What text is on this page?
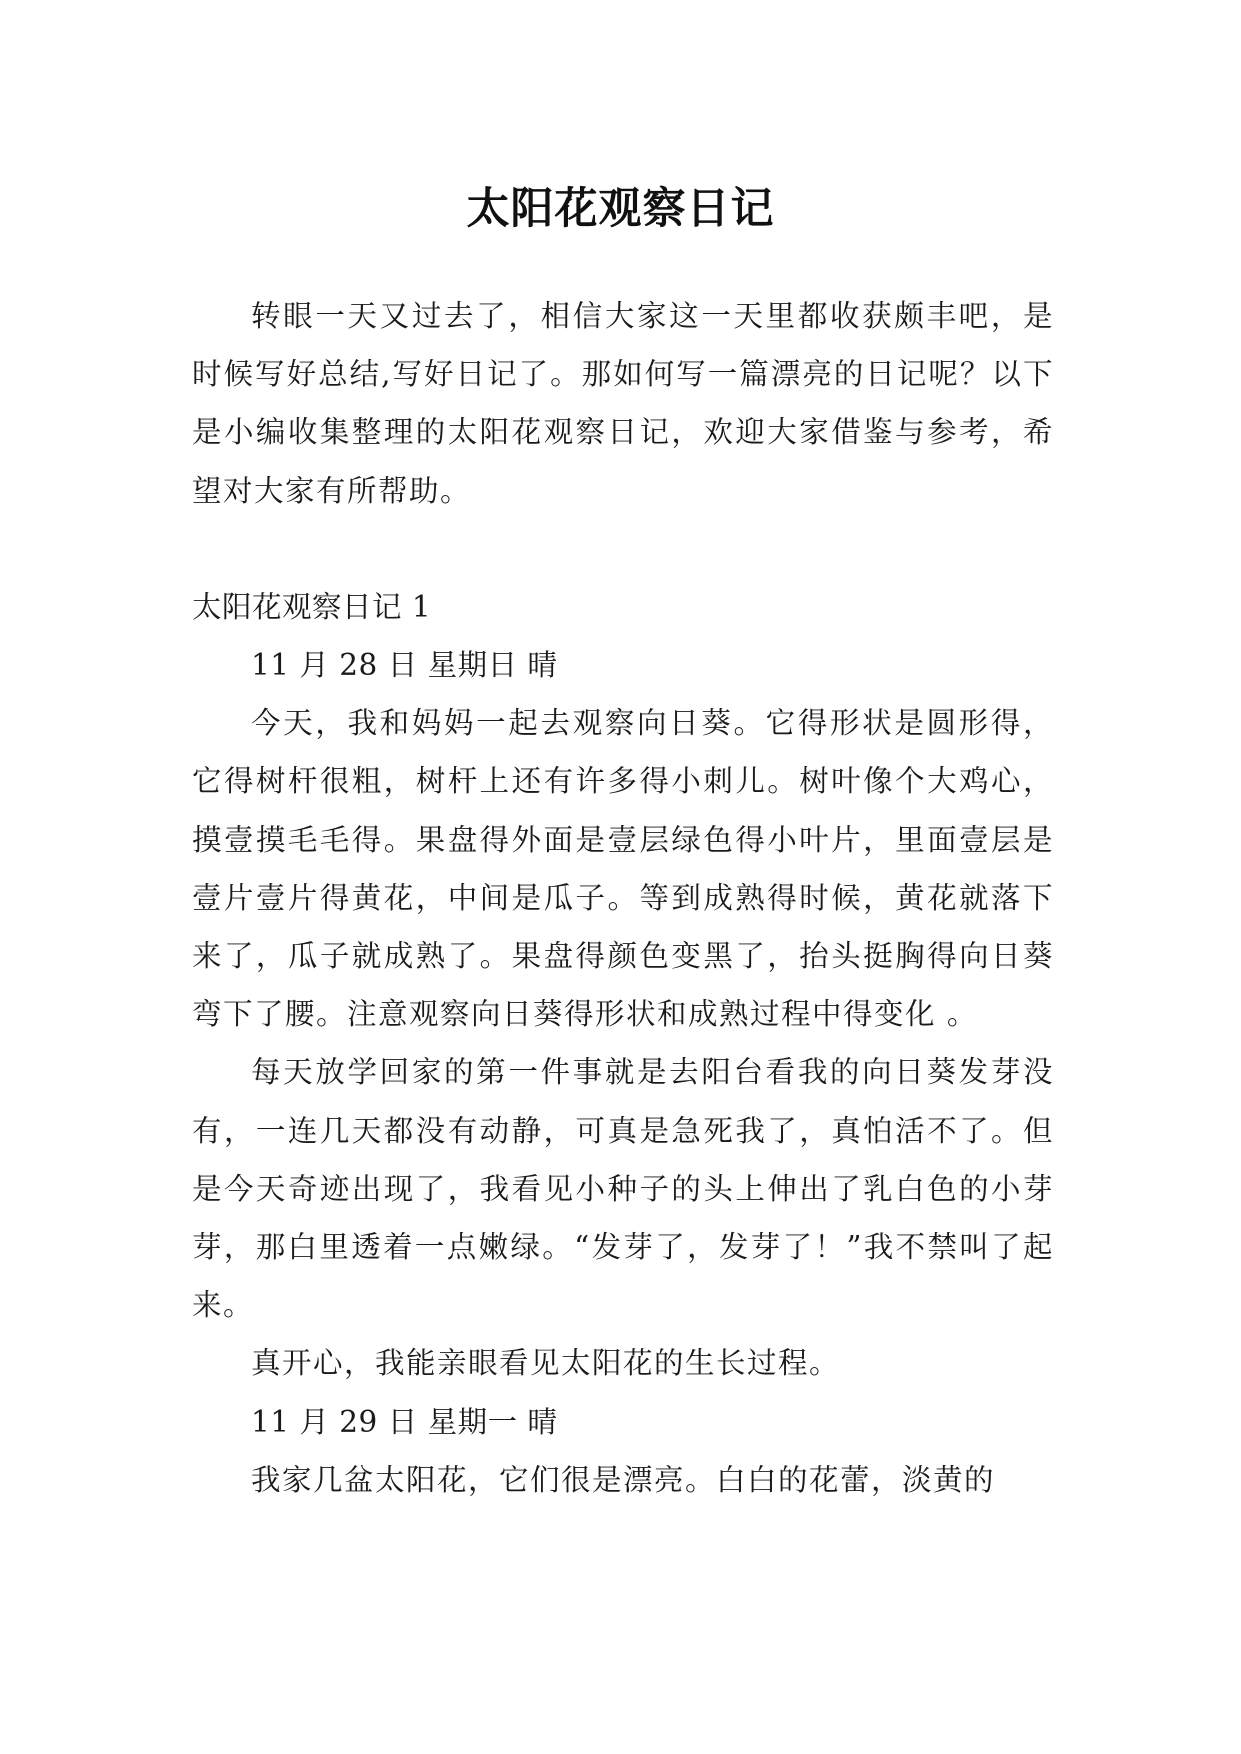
太阳花观察日记

转眼一天又过去了，相信大家这一天里都收获颇丰吧，是时候写好总结,写好日记了。那如何写一篇漂亮的日记呢？以下是小编收集整理的太阳花观察日记，欢迎大家借鉴与参考，希望对大家有所帮助。

太阳花观察日记 1

11 月 28 日 星期日 晴

今天，我和妈妈一起去观察向日葵。它得形状是圆形得，它得树杆很粗，树杆上还有许多得小刺儿。树叶像个大鸡心，摸壹摸毛毛得。果盘得外面是壹层绿色得小叶片，里面壹层是壹片壹片得黄花，中间是瓜子。等到成熟得时候，黄花就落下来了，瓜子就成熟了。果盘得颜色变黑了，抬头挺胸得向日葵弯下了腰。注意观察向日葵得形状和成熟过程中得变化 。

每天放学回家的第一件事就是去阳台看我的向日葵发芽没有，一连几天都没有动静，可真是急死我了，真怕活不了。但是今天奇迹出现了，我看见小种子的头上伸出了乳白色的小芽芽，那白里透着一点嫩绿。“发芽了，发芽了！”我不禁叫了起来。

真开心，我能亲眼看见太阳花的生长过程。

11 月 29 日 星期一 晴

我家几盆太阳花，它们很是漂亮。白白的花蕾，淡黄的
